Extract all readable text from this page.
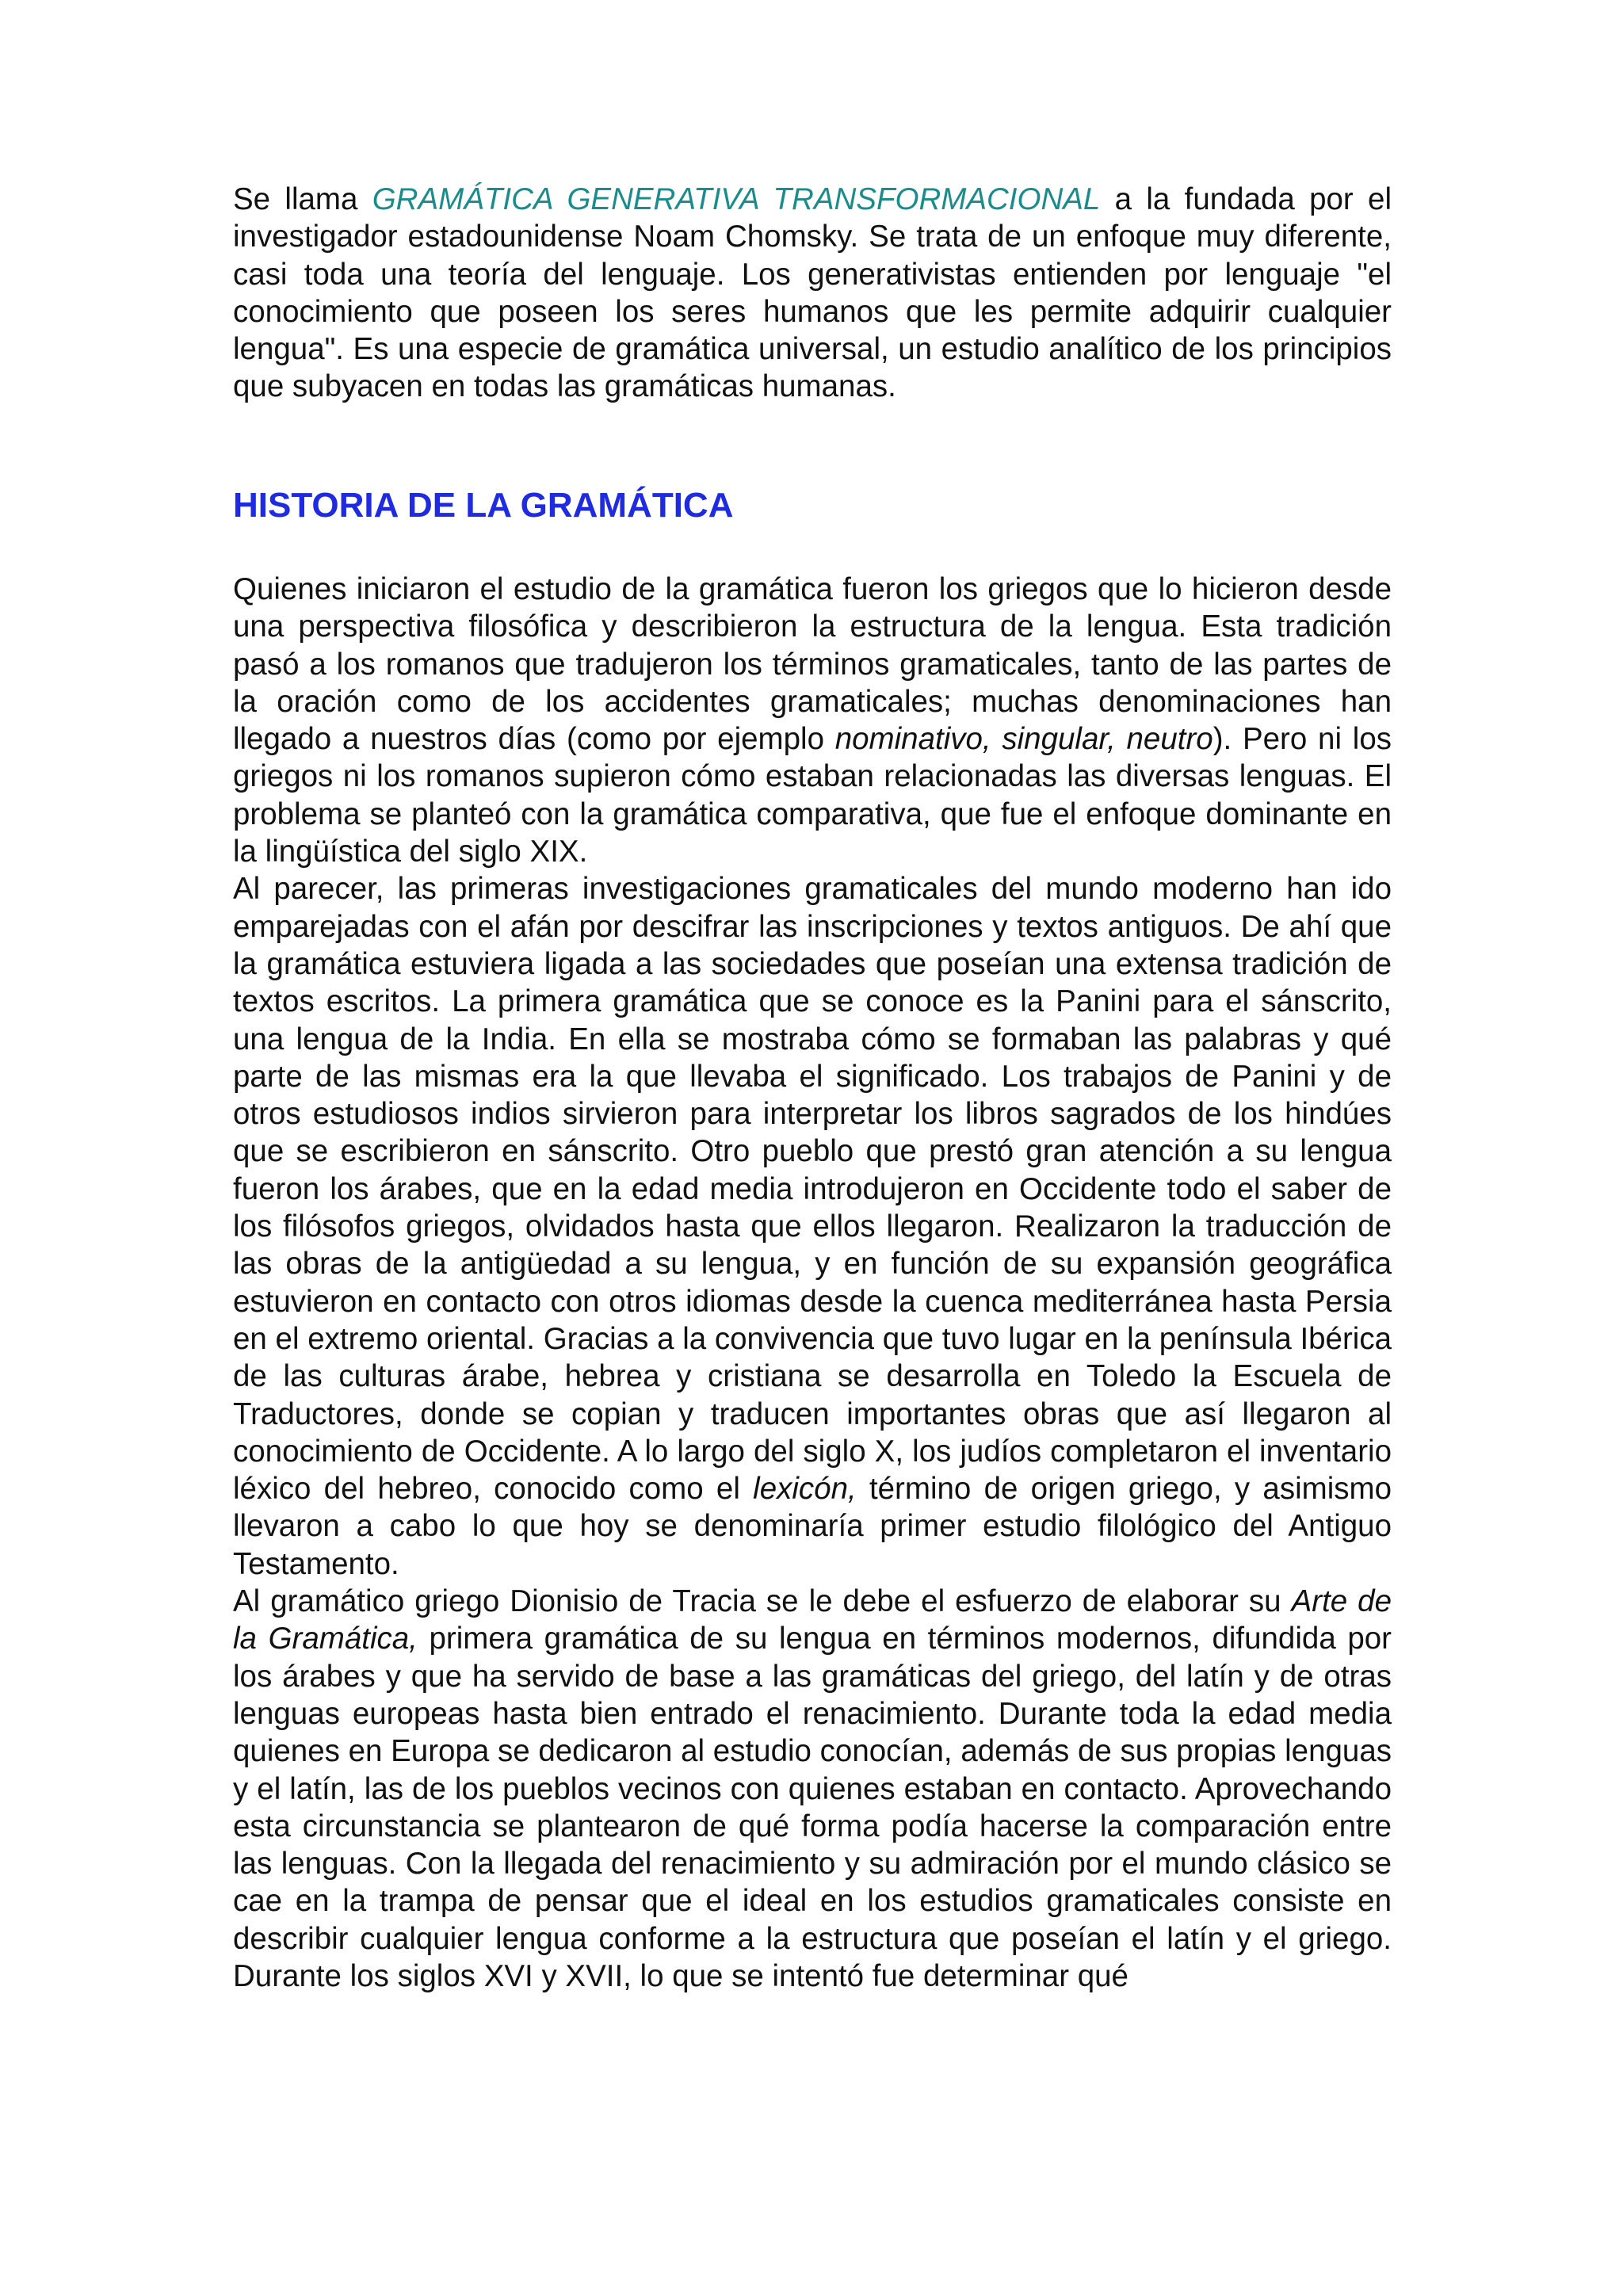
Se llama GRAMÁTICA GENERATIVA TRANSFORMACIONAL a la fundada por el investigador estadounidense Noam Chomsky. Se trata de un enfoque muy diferente, casi toda una teoría del lenguaje. Los generativistas entienden por lenguaje "el conocimiento que poseen los seres humanos que les permite adquirir cualquier lengua". Es una especie de gramática universal, un estudio analítico de los principios que subyacen en todas las gramáticas humanas.

HISTORIA DE LA GRAMÁTICA

Quienes iniciaron el estudio de la gramática fueron los griegos que lo hicieron desde una perspectiva filosófica y describieron la estructura de la lengua. Esta tradición pasó a los romanos que tradujeron los términos gramaticales, tanto de las partes de la oración como de los accidentes gramaticales; muchas denominaciones han llegado a nuestros días (como por ejemplo nominativo, singular, neutro). Pero ni los griegos ni los romanos supieron cómo estaban relacionadas las diversas lenguas. El problema se planteó con la gramática comparativa, que fue el enfoque dominante en la lingüística del siglo XIX.

Al parecer, las primeras investigaciones gramaticales del mundo moderno han ido emparejadas con el afán por descifrar las inscripciones y textos antiguos. De ahí que la gramática estuviera ligada a las sociedades que poseían una extensa tradición de textos escritos. La primera gramática que se conoce es la Panini para el sánscrito, una lengua de la India. En ella se mostraba cómo se formaban las palabras y qué parte de las mismas era la que llevaba el significado. Los trabajos de Panini y de otros estudiosos indios sirvieron para interpretar los libros sagrados de los hindúes que se escribieron en sánscrito. Otro pueblo que prestó gran atención a su lengua fueron los árabes, que en la edad media introdujeron en Occidente todo el saber de los filósofos griegos, olvidados hasta que ellos llegaron. Realizaron la traducción de las obras de la antigüedad a su lengua, y en función de su expansión geográfica estuvieron en contacto con otros idiomas desde la cuenca mediterránea hasta Persia en el extremo oriental. Gracias a la convivencia que tuvo lugar en la península Ibérica de las culturas árabe, hebrea y cristiana se desarrolla en Toledo la Escuela de Traductores, donde se copian y traducen importantes obras que así llegaron al conocimiento de Occidente. A lo largo del siglo X, los judíos completaron el inventario léxico del hebreo, conocido como el lexicón, término de origen griego, y asimismo llevaron a cabo lo que hoy se denominaría primer estudio filológico del Antiguo Testamento.

Al gramático griego Dionisio de Tracia se le debe el esfuerzo de elaborar su Arte de la Gramática, primera gramática de su lengua en términos modernos, difundida por los árabes y que ha servido de base a las gramáticas del griego, del latín y de otras lenguas europeas hasta bien entrado el renacimiento. Durante toda la edad media quienes en Europa se dedicaron al estudio conocían, además de sus propias lenguas y el latín, las de los pueblos vecinos con quienes estaban en contacto. Aprovechando esta circunstancia se plantearon de qué forma podía hacerse la comparación entre las lenguas. Con la llegada del renacimiento y su admiración por el mundo clásico se cae en la trampa de pensar que el ideal en los estudios gramaticales consiste en describir cualquier lengua conforme a la estructura que poseían el latín y el griego. Durante los siglos XVI y XVII, lo que se intentó fue determinar qué
